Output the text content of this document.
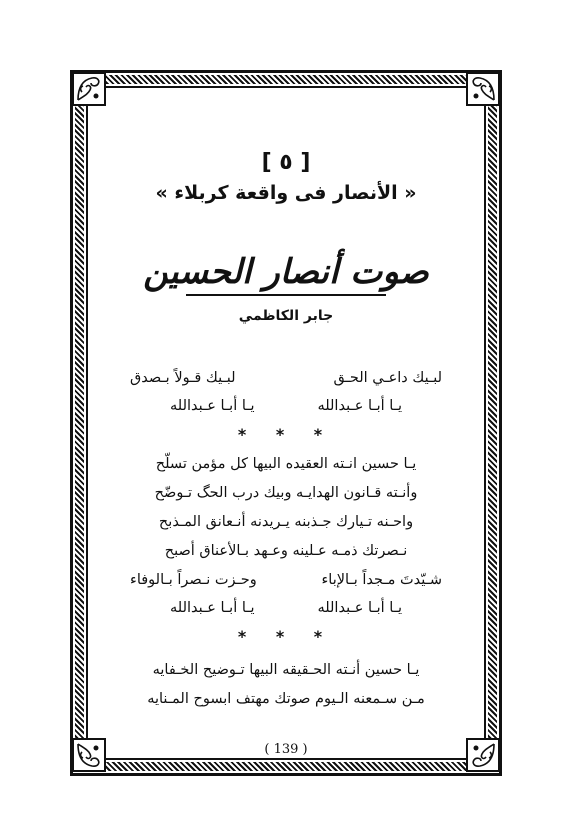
[ ٥ ]
« الأنصار فى واقعة كربلاء »
صوت أنصار الحسين
جابر الكاظمي
لبـيك داعـي الحـق
لبـيك قـولاً بـصدق
يـا أبـا عـبدالله
يـا أبـا عـبدالله
* * *
يـا حسين انـته العقيده البيها كل مؤمن تسلّح
وأنـته قـانون الهدايـه وبيك درب الحگ تـوضّح
واحـنه تـيارك جـذبنه يـريدنه أنـعانق المـذبح
نـصرتك ذمـه عـلينه وعـهد بـالأعناق أصبح
شـيّدتَ مـجداً بـالإباء
وحـزت نـصراً بـالوفاء
يـا أبـا عـبدالله
يـا أبـا عـبدالله
* * *
يـا حسين أنـته الحـقيقه البيها تـوضيح الخـفايه
مـن سـمعنه الـيوم صوتك مهتف ابسوح المـنايه
( 139 )
